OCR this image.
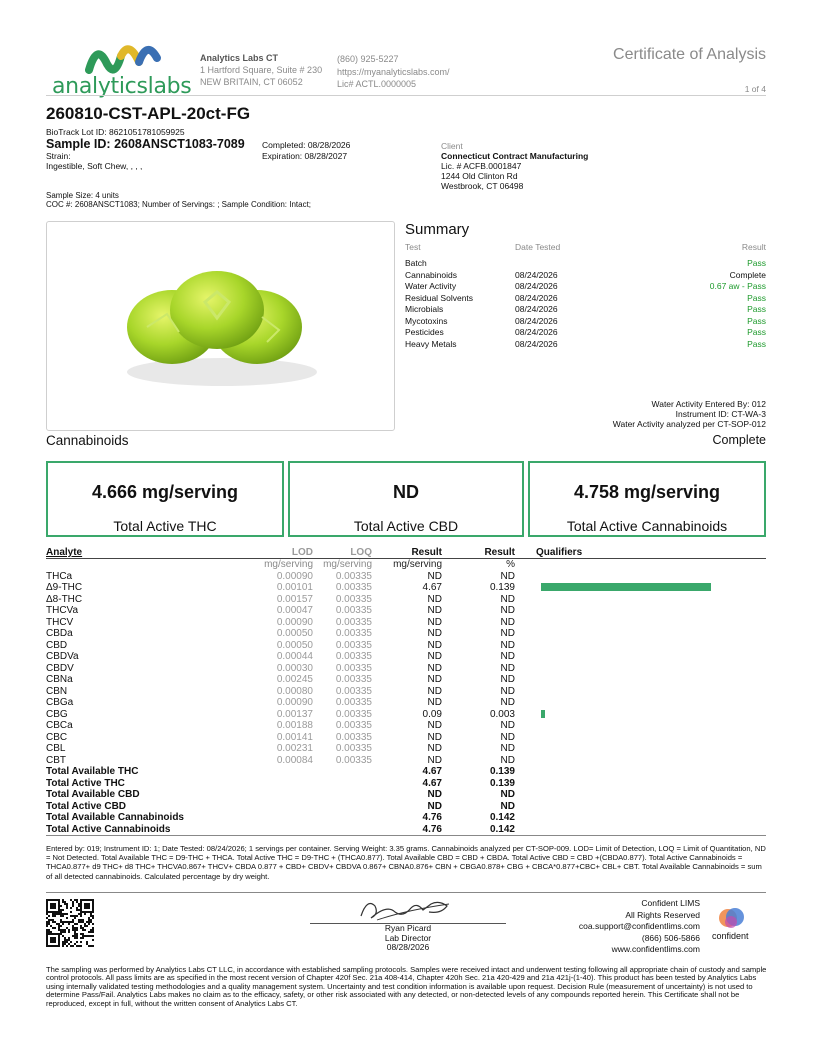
analyticslabs
Analytics Labs CT
1 Hartford Square, Suite # 230
NEW BRITAIN, CT 06052
(860) 925-5227
https://myanalyticslabs.com/
Lic# ACTL.0000005
Certificate of Analysis
1 of 4
260810-CST-APL-20ct-FG
BioTrack Lot ID: 8621051781059925
Sample ID: 2608ANSCT1083-7089
Strain:
Ingestible, Soft Chew, , , ,
Completed: 08/28/2026
Expiration: 08/28/2027
Client
Connecticut Contract Manufacturing
Lic. # ACFB.0001847
1244 Old Clinton Rd
Westbrook, CT 06498
Sample Size: 4 units
COC #: 2608ANSCT1083; Number of Servings: ; Sample Condition: Intact;
Summary
Test	Date Tested	Result
Batch		Pass
Cannabinoids	08/24/2026	Complete
Water Activity	08/24/2026	0.67 aw - Pass
Residual Solvents	08/24/2026	Pass
Microbials	08/24/2026	Pass
Mycotoxins	08/24/2026	Pass
Pesticides	08/24/2026	Pass
Heavy Metals	08/24/2026	Pass
Water Activity Entered By: 012
Instrument ID: CT-WA-3
Water Activity analyzed per CT-SOP-012
Cannabinoids	Complete
4.666 mg/serving
Total Active THC
ND
Total Active CBD
4.758 mg/serving
Total Active Cannabinoids
Analyte	LOD	LOQ	Result	Result	Qualifiers
	mg/serving	mg/serving	mg/serving	%	
THCa	0.00090	0.00335	ND	ND	
Δ9-THC	0.00101	0.00335	4.67	0.139	
Δ8-THC	0.00157	0.00335	ND	ND	
THCVa	0.00047	0.00335	ND	ND	
THCV	0.00090	0.00335	ND	ND	
CBDa	0.00050	0.00335	ND	ND	
CBD	0.00050	0.00335	ND	ND	
CBDVa	0.00044	0.00335	ND	ND	
CBDV	0.00030	0.00335	ND	ND	
CBNa	0.00245	0.00335	ND	ND	
CBN	0.00080	0.00335	ND	ND	
CBGa	0.00090	0.00335	ND	ND	
CBG	0.00137	0.00335	0.09	0.003	
CBCa	0.00188	0.00335	ND	ND	
CBC	0.00141	0.00335	ND	ND	
CBL	0.00231	0.00335	ND	ND	
CBT	0.00084	0.00335	ND	ND	
Total Available THC			4.67	0.139	
Total Active THC			4.67	0.139	
Total Available CBD			ND	ND	
Total Active CBD			ND	ND	
Total Available Cannabinoids			4.76	0.142	
Total Active Cannabinoids			4.76	0.142	
Entered by: 019; Instrument ID: 1; Date Tested: 08/24/2026; 1 servings per container. Serving Weight: 3.35 grams. Cannabinoids analyzed per CT-SOP-009. LOD= Limit of Detection, LOQ = Limit of Quantitation, ND = Not Detected. Total Available THC = D9-THC + THCA. Total Active THC = D9-THC + (THCA0.877). Total Available CBD = CBD + CBDA. Total Active CBD = CBD +(CBDA0.877). Total Active Cannabinoids = THCA0.877+ d9 THC+ d8 THC+ THCVA0.867+ THCV+ CBDA 0.877 + CBD+ CBDV+ CBDVA 0.867+ CBNA0.876+ CBN + CBGA0.878+ CBG + CBCA*0.877+CBC+ CBL+ CBT. Total Available Cannabinoids = sum of all detected cannabinoids. Calculated percentage by dry weight.
Ryan Picard
Lab Director
08/28/2026
Confident LIMS
All Rights Reserved
coa.support@confidentlims.com
(866) 506-5866
www.confidentlims.com
confident
The sampling was performed by Analytics Labs CT LLC, in accordance with established sampling protocols. Samples were received intact and underwent testing following all appropriate chain of custody and sample control protocols. All pass limits are as specified in the most recent version of Chapter 420f Sec. 21a 408-414, Chapter 420h Sec. 21a 420-429 and 21a 421j-(1-40). This product has been tested by Analytics Labs using internally validated testing methodologies and a quality management system. Uncertainty and test condition information is available upon request. Decision Rule (measurement of uncertainty) is not used to determine Pass/Fail. Analytics Labs makes no claim as to the efficacy, safety, or other risk associated with any detected, or non-detected levels of any compounds reported herein. This Certificate shall not be reproduced, except in full, without the written consent of Analytics Labs CT.
